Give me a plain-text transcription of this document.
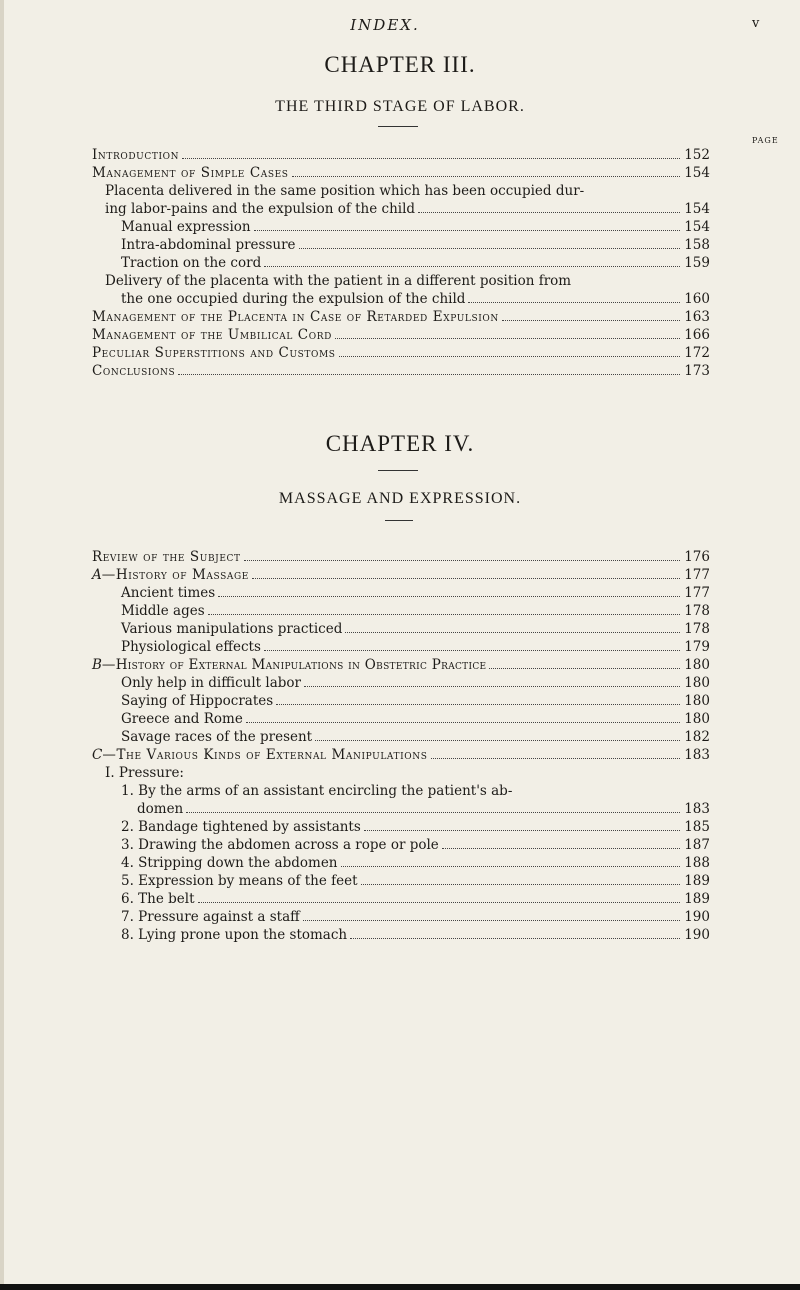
INDEX.	v
CHAPTER III.
THE THIRD STAGE OF LABOR.
PAGE
Introduction	152
Management of Simple Cases	154
Placenta delivered in the same position which has been occupied dur-
ing labor-pains and the expulsion of the child	154
Manual expression	154
Intra-abdominal pressure	158
Traction on the cord	159
Delivery of the placenta with the patient in a different position from
the one occupied during the expulsion of the child	160
Management of the Placenta in Case of Retarded Expulsion	163
Management of the Umbilical Cord	166
Peculiar Superstitions and Customs	172
Conclusions	173
CHAPTER IV.
MASSAGE AND EXPRESSION.
Review of the Subject	176
A—History of Massage	177
Ancient times	177
Middle ages	178
Various manipulations practiced	178
Physiological effects	179
B—History of External Manipulations in Obstetric Practice	180
Only help in difficult labor	180
Saying of Hippocrates	180
Greece and Rome	180
Savage races of the present	182
C—The Various Kinds of External Manipulations	183
I. Pressure:
1. By the arms of an assistant encircling the patient's ab-
domen	183
2. Bandage tightened by assistants	185
3. Drawing the abdomen across a rope or pole	187
4. Stripping down the abdomen	188
5. Expression by means of the feet	189
6. The belt	189
7. Pressure against a staff	190
8. Lying prone upon the stomach	190
